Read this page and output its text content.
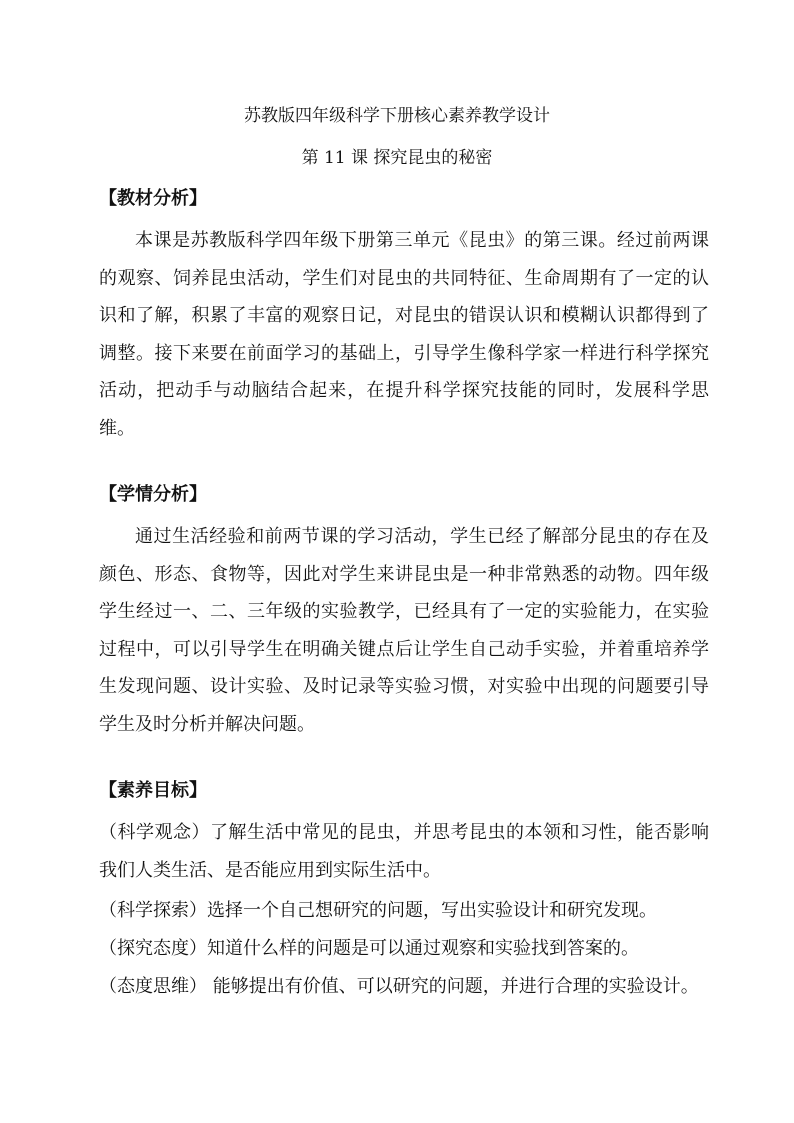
苏教版四年级科学下册核心素养教学设计
第 11 课 探究昆虫的秘密
【教材分析】
本课是苏教版科学四年级下册第三单元《昆虫》的第三课。经过前两课的观察、饲养昆虫活动，学生们对昆虫的共同特征、生命周期有了一定的认识和了解，积累了丰富的观察日记，对昆虫的错误认识和模糊认识都得到了调整。接下来要在前面学习的基础上，引导学生像科学家一样进行科学探究活动，把动手与动脑结合起来，在提升科学探究技能的同时，发展科学思维。
【学情分析】
通过生活经验和前两节课的学习活动，学生已经了解部分昆虫的存在及颜色、形态、食物等，因此对学生来讲昆虫是一种非常熟悉的动物。四年级学生经过一、二、三年级的实验教学，已经具有了一定的实验能力，在实验过程中，可以引导学生在明确关键点后让学生自己动手实验，并着重培养学生发现问题、设计实验、及时记录等实验习惯，对实验中出现的问题要引导学生及时分析并解决问题。
【素养目标】
（科学观念）了解生活中常见的昆虫，并思考昆虫的本领和习性，能否影响我们人类生活、是否能应用到实际生活中。
（科学探索）选择一个自己想研究的问题，写出实验设计和研究发现。
（探究态度）知道什么样的问题是可以通过观察和实验找到答案的。
（态度思维） 能够提出有价值、可以研究的问题，并进行合理的实验设计。
